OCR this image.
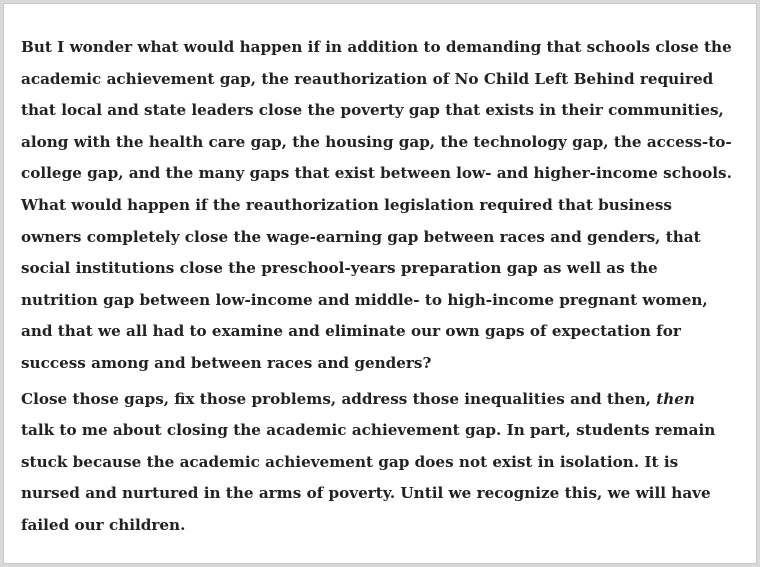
But I wonder what would happen if in addition to demanding that schools close the academic achievement gap, the reauthorization of No Child Left Behind required that local and state leaders close the poverty gap that exists in their communities, along with the health care gap, the housing gap, the technology gap, the access-to-college gap, and the many gaps that exist between low- and higher-income schools. What would happen if the reauthorization legislation required that business owners completely close the wage-earning gap between races and genders, that social institutions close the preschool-years preparation gap as well as the nutrition gap between low-income and middle- to high-income pregnant women, and that we all had to examine and eliminate our own gaps of expectation for success among and between races and genders?

Close those gaps, fix those problems, address those inequalities and then, then talk to me about closing the academic achievement gap. In part, students remain stuck because the academic achievement gap does not exist in isolation. It is nursed and nurtured in the arms of poverty. Until we recognize this, we will have failed our children.
